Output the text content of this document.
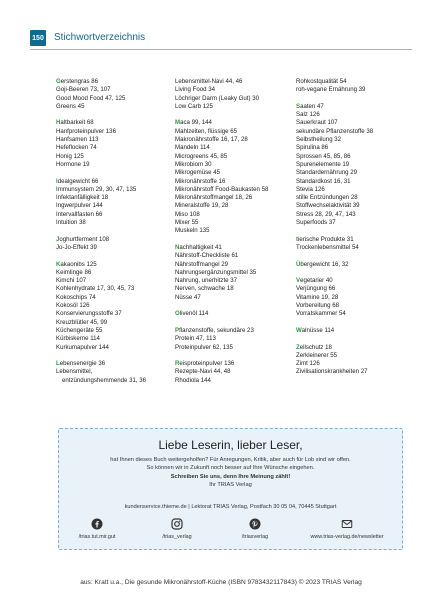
150 Stichwortverzeichnis
Gerstengras 86
Goji-Beeren 73, 107
Good Mood Food 47, 125
Greens 45
Haltbarkeit 68
Hanfproteinpulver 136
Hanfsamen 113
Hefeflocken 74
Honig 125
Hormone 19
Idealgewicht 66
Immunsystem 29, 30, 47, 135
Infektanfälligkeit 18
Ingwerpulver 144
Intervallfasten 66
Intuition 38
Joghurtferment 108
Jo-Jo-Effekt 39
Kakaonibs 125
Keimlinge 86
Kimchi 107
Kohlenhydrate 17, 30, 45, 73
Kokoschips 74
Kokosöl 126
Konservierungsstoffe 37
Kreuzblütler 45, 99
Küchengeräte 55
Kürbiskerne 114
Kurkumapulver 144
Lebensenergie 36
Lebensmittel,
entzündungshemmende 31, 36
Lebensmittel-Navi 44, 46
Living Food 34
Löchriger Darm (Leaky Gut) 30
Low Carb 125
Maca 99, 144
Mahlzeiten, flüssige 65
Makronährstoffe 16, 17, 28
Mandeln 114
Microgreens 45, 85
Mikrobiom 30
Mikrogemüse 45
Mikronährstoffe 16
Mikronährstoff Food-Baukasten 58
Mikronährstoffmangel 18, 26
Mineralstoffe 19, 28
Miso 108
Mixer 55
Muskeln 135
Nachhaltigkeit 41
Nährstoff-Checkliste 61
Nährstoffmangel 29
Nahrungsergänzungsmittel 35
Nahrung, unerhitzte 37
Nerven, schwache 18
Nüsse 47
Olivenöl 114
Pflanzenstoffe, sekundäre 23
Protein 47, 113
Proteinpulver 62, 135
Reisproteinpulver 136
Rezepte-Navi 44, 48
Rhodiola 144
Rohkostqualität 54
roh-vegane Ernährung 39
Saaten 47
Salz 126
Sauerkraut 107
sekundäre Pflanzenstoffe 38
Selbstheilung 32
Spirulina 86
Sprossen 45, 85, 86
Spurenelemente 19
Standardernährung 29
Standardkost 16, 31
Stevia 126
stille Entzündungen 28
Stoffwechselaktivität 39
Stress 28, 29, 47, 143
Superfoods 37
tierische Produkte 31
Trockenlebensmittel 54
Übergewicht 16, 32
Vegetarier 40
Verjüngung 66
Vitamine 19, 28
Vorbereitung 68
Vorratskammer 54
Walnüsse 114
Zellschutz 18
Zerkleinerer 55
Zimt 126
Zivilisationskrankheiten 27
Liebe Leserin, lieber Leser,
hat Ihnen dieses Buch weitergeholfen? Für Anregungen, Kritik, aber auch für Lob sind wir offen.
So können wir in Zukunft noch besser auf Ihre Wünsche eingehen.
Schreiben Sie uns, denn Ihre Meinung zählt!
Ihr TRIAS Verlag
kundenservice.thieme.de | Lektorat TRIAS Verlag, Postfach 30 05 04, 70445 Stuttgart
/trias.tut.mir.gut	/trias_verlag	/triasverlag	www.trias-verlag.de/newsletter
aus: Kratt u.a., Die gesunde Mikronährstoff-Küche (ISBN 9783432117843) © 2023 TRIAS Verlag
